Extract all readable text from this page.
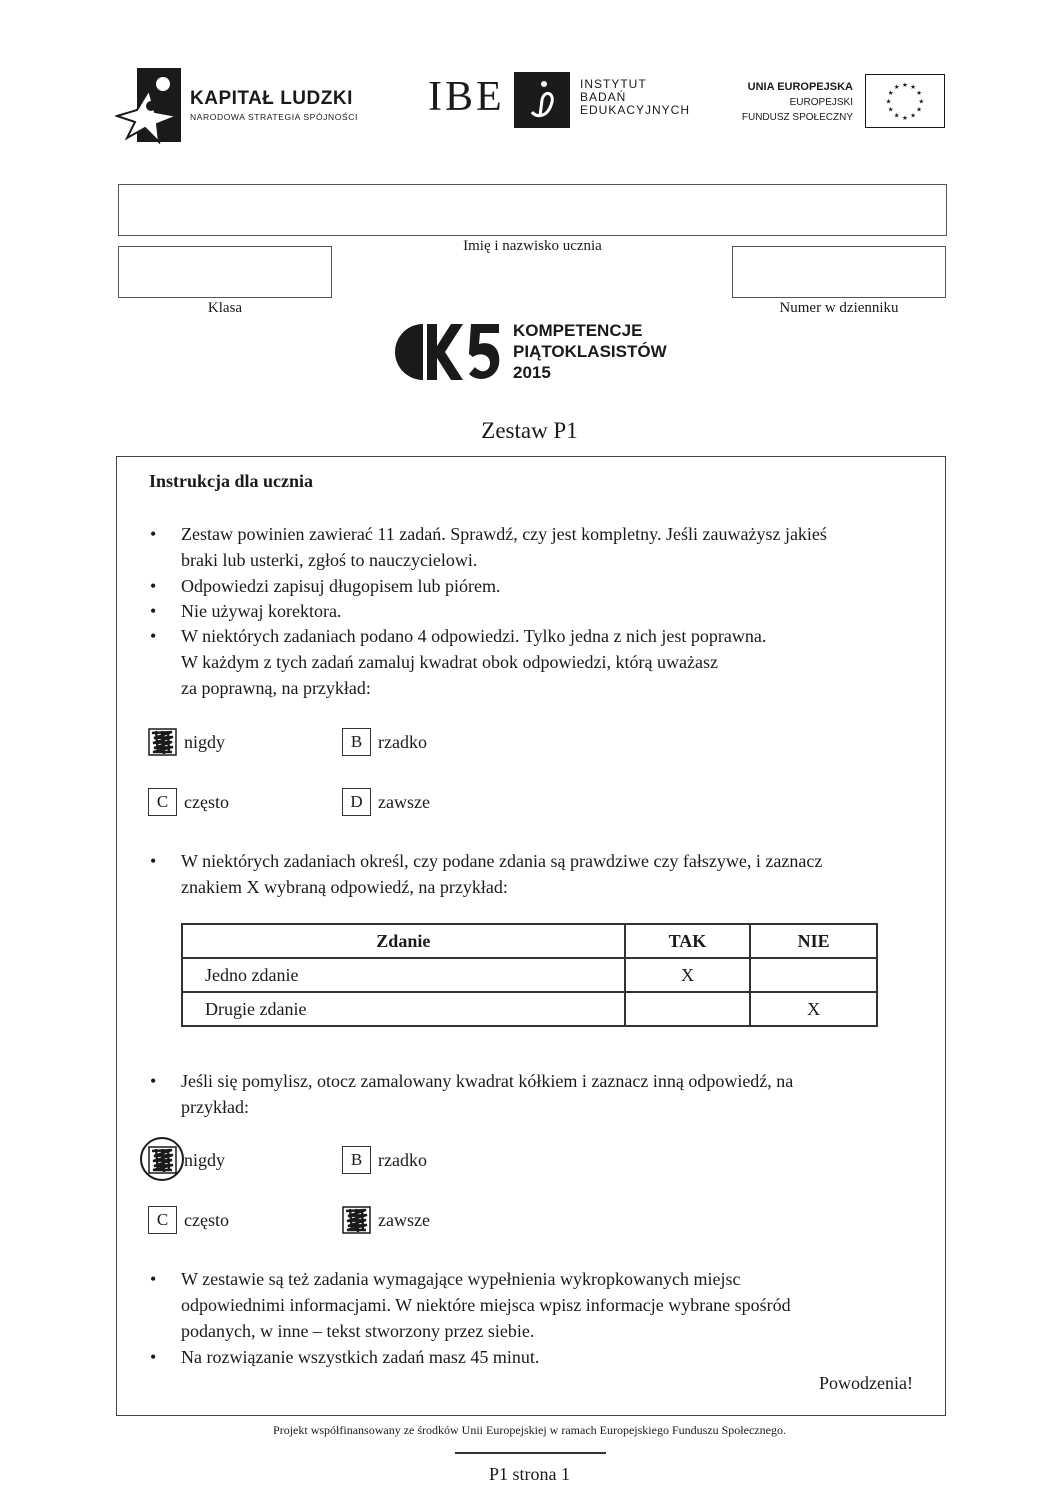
KAPITAŁ LUDZKI
NARODOWA STRATEGIA SPÓJNOŚCI IBE	INSTYTUT
BADAŃ
EDUKACYJNYCH
UNIA EUROPEJSKA
EUROPEJSKI
FUNDUSZ SPOŁECZNY
★
★
★
★
★
★
★
★
★ ★ ★
★
Imię i nazwisko ucznia
Klasa	Numer w dzienniku
KOMPETENCJE
PIĄTOKLASISTÓW
2015
Zestaw P1
Instrukcja dla ucznia
• Zestaw powinien zawierać 11 zadań. Sprawdź, czy jest kompletny. Jeśli zauważysz jakieś
braki lub usterki, zgłoś to nauczycielowi.
• Odpowiedzi zapisuj długopisem lub piórem.
• Nie używaj korektora.
• W niektórych zadaniach podano 4 odpowiedzi. Tylko jedna z nich jest poprawna.
W każdym z tych zadań zamaluj kwadrat obok odpowiedzi, którą uważasz
za poprawną, na przykład:
nigdy	B rzadko
C często	D zawsze
• W niektórych zadaniach określ, czy podane zdania są prawdziwe czy fałszywe, i zaznacz
znakiem X wybraną odpowiedź, na przykład:
Zdanie	TAK	NIE
Jedno zdanie	X	
Drugie zdanie		X
• Jeśli się pomylisz, otocz zamalowany kwadrat kółkiem i zaznacz inną odpowiedź, na
przykład:
nigdy	B rzadko
C często	zawsze
• W zestawie są też zadania wymagające wypełnienia wykropkowanych miejsc
odpowiednimi informacjami. W niektóre miejsca wpisz informacje wybrane spośród
podanych, w inne – tekst stworzony przez siebie.
• Na rozwiązanie wszystkich zadań masz 45 minut.
Powodzenia!
Projekt współfinansowany ze środków Unii Europejskiej w ramach Europejskiego Funduszu Społecznego.
P1 strona 1
